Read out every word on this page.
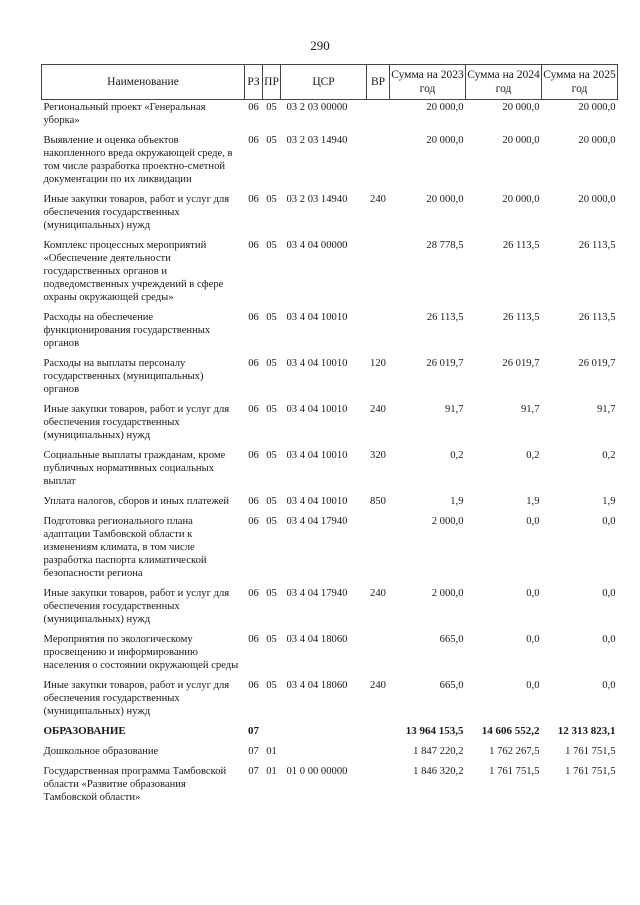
290
Наименование	РЗ	ПР	ЦСР	ВР	Сумма на 2023 год	Сумма на 2024 год	Сумма на 2025 год
Региональный проект «Генеральная уборка»	06	05	03 2 03 00000		20 000,0	20 000,0	20 000,0
Выявление и оценка объектов накопленного вреда окружающей среде, в том числе разработка проектно-сметной документации по их ликвидации	06	05	03 2 03 14940		20 000,0	20 000,0	20 000,0
Иные закупки товаров, работ и услуг для обеспечения государственных (муниципальных) нужд	06	05	03 2 03 14940	240	20 000,0	20 000,0	20 000,0
Комплекс процессных мероприятий «Обеспечение деятельности государственных органов и подведомственных учреждений в сфере охраны окружающей среды»	06	05	03 4 04 00000		28 778,5	26 113,5	26 113,5
Расходы на обеспечение функционирования государственных органов	06	05	03 4 04 10010		26 113,5	26 113,5	26 113,5
Расходы на выплаты персоналу государственных (муниципальных) органов	06	05	03 4 04 10010	120	26 019,7	26 019,7	26 019,7
Иные закупки товаров, работ и услуг для обеспечения государственных (муниципальных) нужд	06	05	03 4 04 10010	240	91,7	91,7	91,7
Социальные выплаты гражданам, кроме публичных нормативных социальных выплат	06	05	03 4 04 10010	320	0,2	0,2	0,2
Уплата налогов, сборов и иных платежей	06	05	03 4 04 10010	850	1,9	1,9	1,9
Подготовка регионального плана адаптации Тамбовской области к изменениям климата, в том числе разработка паспорта климатической безопасности региона	06	05	03 4 04 17940		2 000,0	0,0	0,0
Иные закупки товаров, работ и услуг для обеспечения государственных (муниципальных) нужд	06	05	03 4 04 17940	240	2 000,0	0,0	0,0
Мероприятия по экологическому просвещению и информированию населения о состоянии окружающей среды	06	05	03 4 04 18060		665,0	0,0	0,0
Иные закупки товаров, работ и услуг для обеспечения государственных (муниципальных) нужд	06	05	03 4 04 18060	240	665,0	0,0	0,0
ОБРАЗОВАНИЕ	07				13 964 153,5	14 606 552,2	12 313 823,1
Дошкольное образование	07	01			1 847 220,2	1 762 267,5	1 761 751,5
Государственная программа Тамбовской области «Развитие образования Тамбовской области»	07	01	01 0 00 00000		1 846 320,2	1 761 751,5	1 761 751,5
